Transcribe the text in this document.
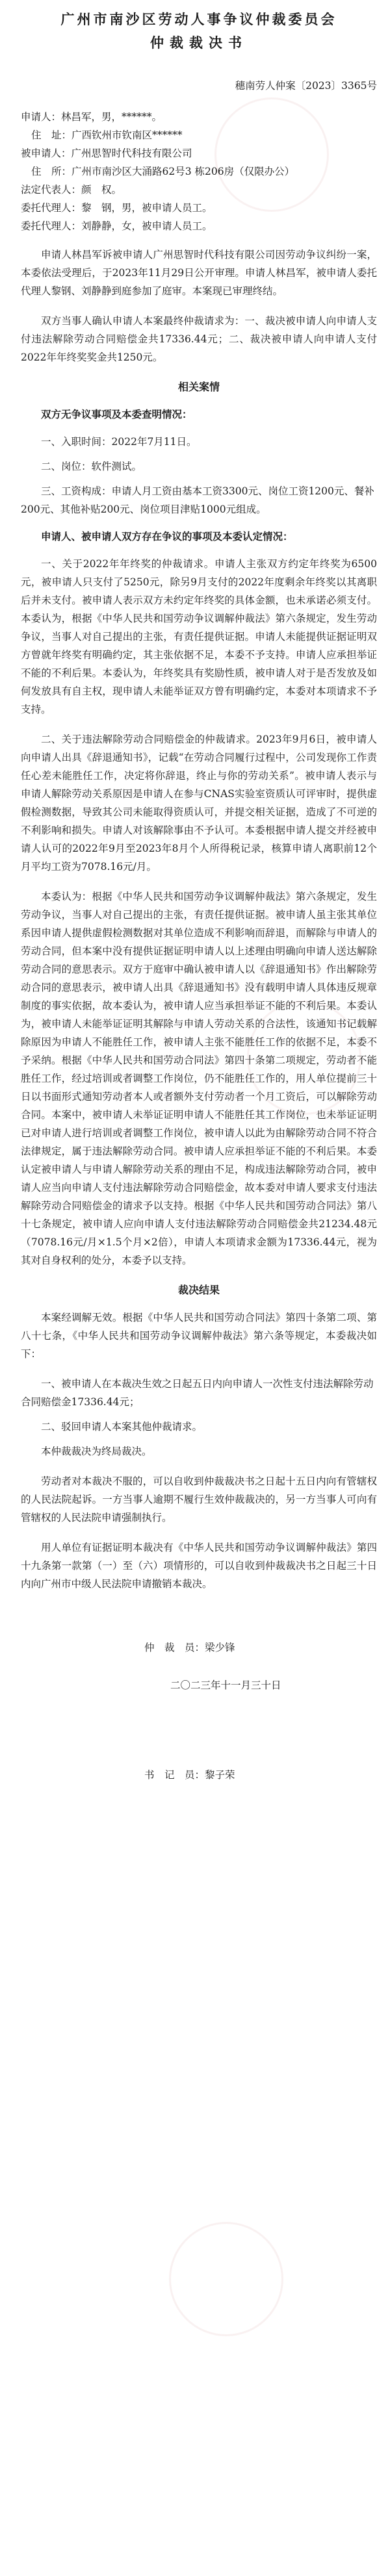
广州市南沙区劳动人事争议仲裁委员会
仲裁裁决书
穗南劳人仲案〔2023〕3365号
申请人：林昌军，男，******。
住　址：广西钦州市钦南区******
被申请人：广州思智时代科技有限公司
住　所：广州市南沙区大涌路62号3 栋206房（仅限办公）
法定代表人：颜　权。
委托代理人：黎　钢，男，被申请人员工。
委托代理人：刘静静，女，被申请人员工。

申请人林昌军诉被申请人广州思智时代科技有限公司因劳动争议纠纷一案，本委依法受理后，于2023年11月29日公开审理。申请人林昌军，被申请人委托代理人黎钢、刘静静到庭参加了庭审。本案现已审理终结。

双方当事人确认申请人本案最终仲裁请求为：一、裁决被申请人向申请人支付违法解除劳动合同赔偿金共17336.44元；二、裁决被申请人向申请人支付2022年年终奖奖金共1250元。

相关案情
双方无争议事项及本委查明情况：

一、入职时间：2022年7月11日。

二、岗位：软件测试。

三、工资构成：申请人月工资由基本工资3300元、岗位工资1200元、餐补200元、其他补贴200元、岗位项目津贴1000元组成。

申请人、被申请人双方存在争议的事项及本委认定情况：

一、关于2022年年终奖的仲裁请求。申请人主张双方约定年终奖为6500元，被申请人只支付了5250元，除另9月支付的2022年度剩余年终奖以其离职后并未支付。被申请人表示双方未约定年终奖的具体金额，也未承诺必须支付。本委认为，根据《中华人民共和国劳动争议调解仲裁法》第六条规定，发生劳动争议，当事人对自己提出的主张，有责任提供证据。申请人未能提供证据证明双方曾就年终奖有明确约定，其主张依据不足，本委不予支持。申请人应承担举证不能的不利后果。本委认为，年终奖具有奖励性质，被申请人对于是否发放及如何发放具有自主权，现申请人未能举证双方曾有明确约定，本委对本项请求不予支持。

二、关于违法解除劳动合同赔偿金的仲裁请求。2023年9月6日，被申请人向申请人出具《辞退通知书》，记载“在劳动合同履行过程中，公司发现你工作责任心差未能胜任工作，决定将你辞退，终止与你的劳动关系”。被申请人表示与申请人解除劳动关系原因是申请人在参与CNAS实验室资质认可评审时，提供虚假检测数据，导致其公司未能取得资质认可，并提交相关证据，造成了不可逆的不利影响和损失。申请人对该解除事由不予认可。本委根据申请人提交并经被申请人认可的2022年9月至2023年8月个人所得税记录，核算申请人离职前12个月平均工资为7078.16元/月。

本委认为：根据《中华人民共和国劳动争议调解仲裁法》第六条规定，发生劳动争议，当事人对自己提出的主张，有责任提供证据。被申请人虽主张其单位系因申请人提供虚假检测数据对其单位造成不利影响而辞退，而解除与申请人的劳动合同，但本案中没有提供证据证明申请人以上述理由明确向申请人送达解除劳动合同的意思表示。双方于庭审中确认被申请人以《辞退通知书》作出解除劳动合同的意思表示，被申请人出具《辞退通知书》没有载明申请人具体违反规章制度的事实依据，故本委认为，被申请人应当承担举证不能的不利后果。本委认为，被申请人未能举证证明其解除与申请人劳动关系的合法性，该通知书记载解除原因为申请人不能胜任工作，被申请人主张不能胜任工作的依据不足，本委不予采纳。根据《中华人民共和国劳动合同法》第四十条第二项规定，劳动者不能胜任工作，经过培训或者调整工作岗位，仍不能胜任工作的，用人单位提前三十日以书面形式通知劳动者本人或者额外支付劳动者一个月工资后，可以解除劳动合同。本案中，被申请人未举证证明申请人不能胜任其工作岗位，也未举证证明已对申请人进行培训或者调整工作岗位，被申请人以此为由解除劳动合同不符合法律规定，属于违法解除劳动合同。被申请人应承担举证不能的不利后果。本委认定被申请人与申请人解除劳动关系的理由不足，构成违法解除劳动合同，被申请人应当向申请人支付违法解除劳动合同赔偿金，故本委对申请人要求支付违法解除劳动合同赔偿金的请求予以支持。根据《中华人民共和国劳动合同法》第八十七条规定，被申请人应向申请人支付违法解除劳动合同赔偿金共21234.48元（7078.16元/月×1.5个月×2倍），申请人本项请求金额为17336.44元，视为其对自身权利的处分，本委予以支持。

裁决结果

本案经调解无效。根据《中华人民共和国劳动合同法》第四十条第二项、第八十七条，《中华人民共和国劳动争议调解仲裁法》第六条等规定，本委裁决如下：

一、被申请人在本裁决生效之日起五日内向申请人一次性支付违法解除劳动合同赔偿金17336.44元；

二、驳回申请人本案其他仲裁请求。

本仲裁裁决为终局裁决。

劳动者对本裁决不服的，可以自收到仲裁裁决书之日起十五日内向有管辖权的人民法院起诉。一方当事人逾期不履行生效仲裁裁决的，另一方当事人可向有管辖权的人民法院申请强制执行。

用人单位有证据证明本裁决有《中华人民共和国劳动争议调解仲裁法》第四十九条第一款第（一）至（六）项情形的，可以自收到仲裁裁决书之日起三十日内向广州市中级人民法院申请撤销本裁决。

仲　裁　员：梁少锋
二〇二三年十一月三十日
书　记　员：黎子荣
